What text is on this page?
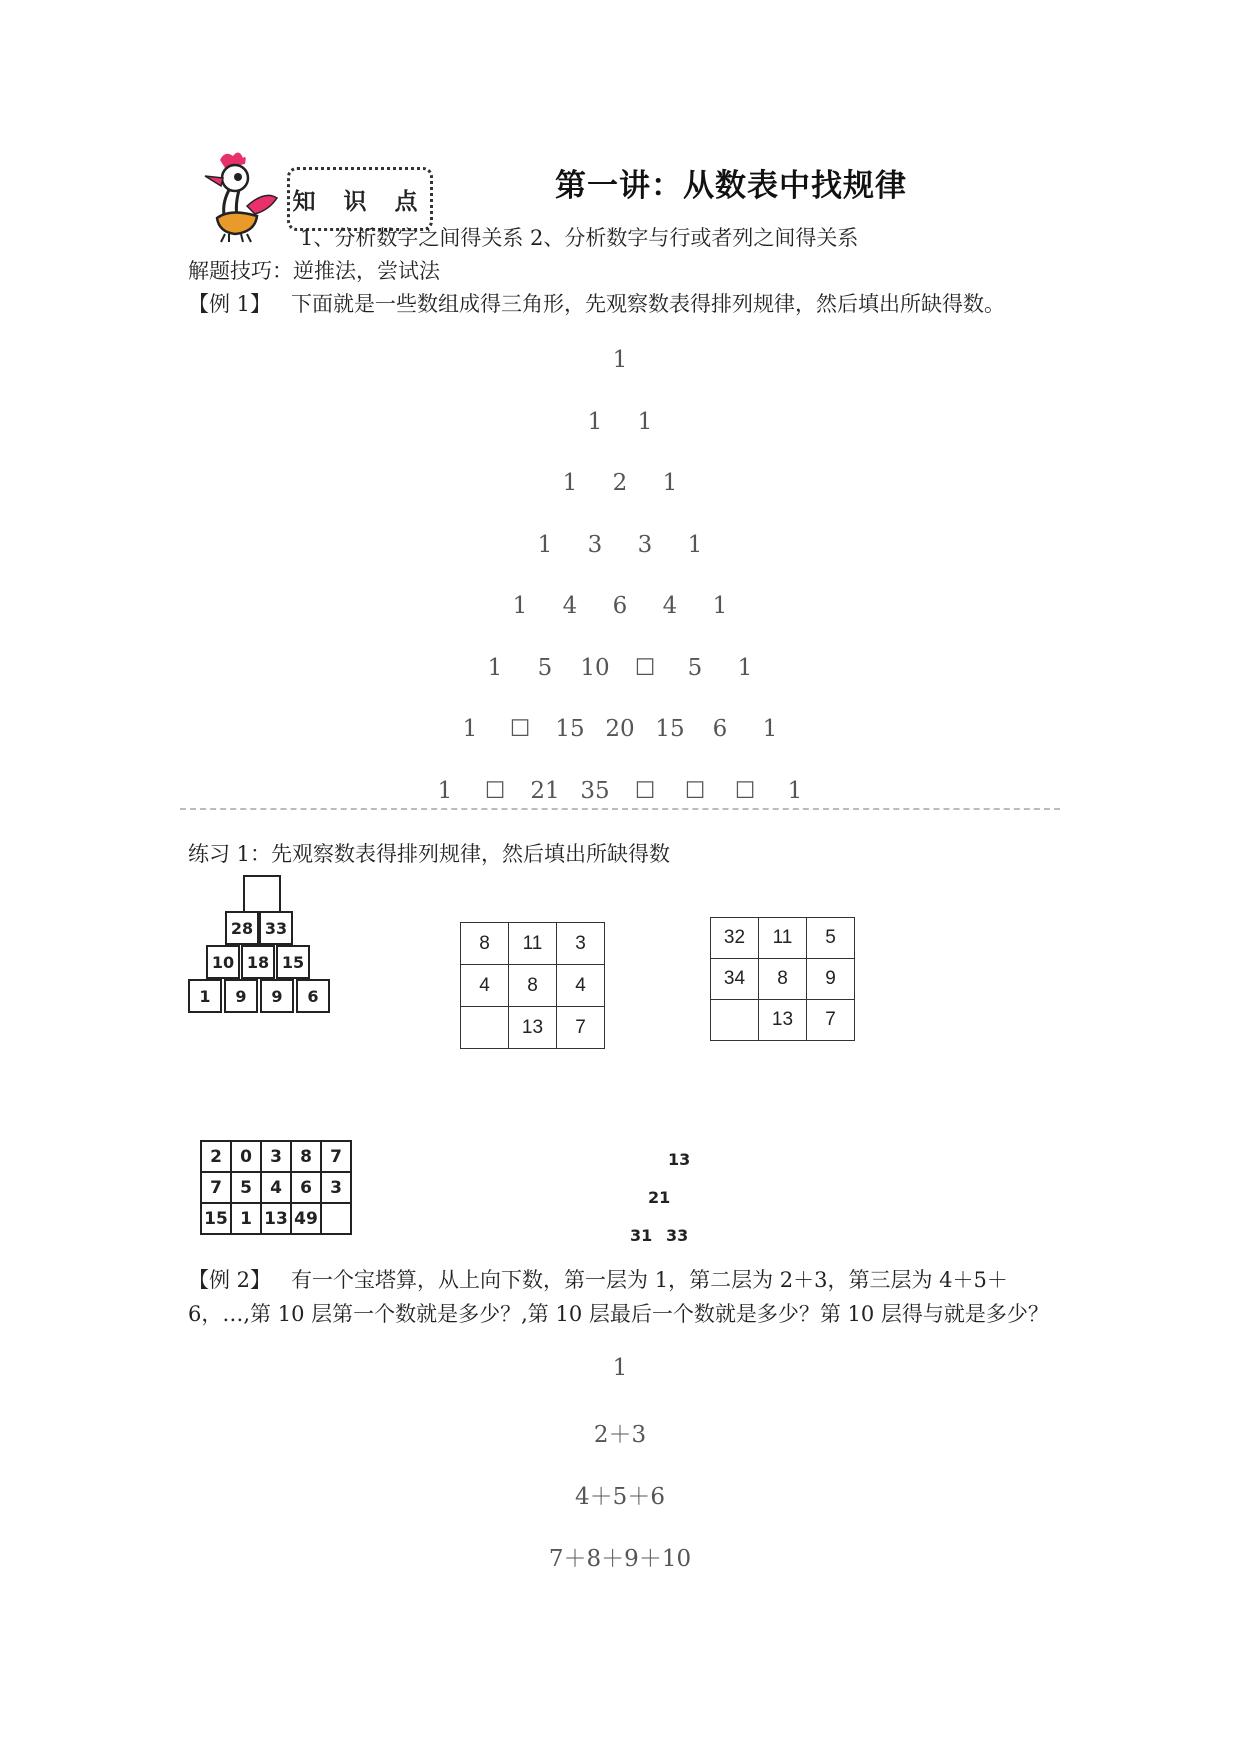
知 识 点	第一讲：从数表中找规律
1、分析数字之间得关系 2、分析数字与行或者列之间得关系
解题技巧：逆推法，尝试法
【例 1】 下面就是一些数组成得三角形，先观察数表得排列规律，然后填出所缺得数。
1
1 1
1 2 1
1 3 3 1
1 4 6 4 1
1 5 10 ☐ 5 1
1 ☐ 15 20 15 6 1
1 ☐ 21 35 ☐ ☐ ☐ 1
练习 1：先观察数表得排列规律，然后填出所缺得数
28 33
10 18 15
1	9	9	6
8	11	3
4	8	4
	13	7
32	11	5
34	8	9
	13	7
2	0	3	8	7
7	5	4	6	3
15	1	13	49	
13
21
31 33
【例 2】 有一个宝塔算，从上向下数，第一层为 1，第二层为 2＋3，第三层为 4＋5＋
6，…,第 10 层第一个数就是多少？,第 10 层最后一个数就是多少？第 10 层得与就是多少？
1
2＋3
4＋5＋6
7＋8＋9＋10
